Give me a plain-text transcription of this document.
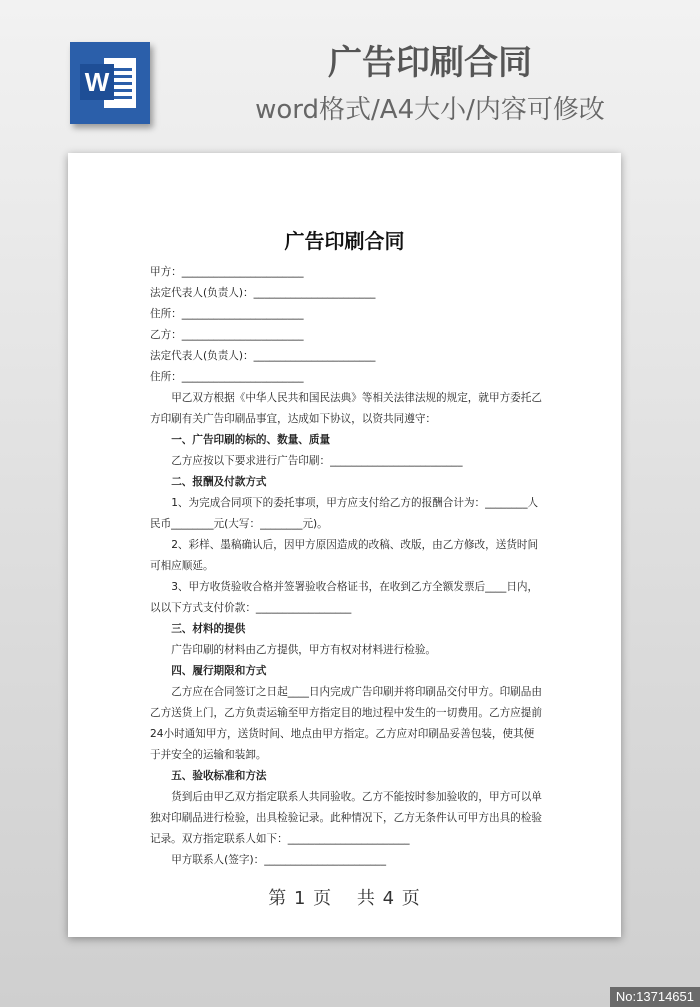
W	广告印刷合同
word格式/A4大小/内容可修改
广告印刷合同

甲方：_______________________

法定代表人(负责人)：_______________________

住所：_______________________

乙方：_______________________

法定代表人(负责人)：_______________________

住所：_______________________

甲乙双方根据《中华人民共和国民法典》等相关法律法规的规定，就甲方委托乙方印刷有关广告印刷品事宜，达成如下协议，以资共同遵守：

一、广告印刷的标的、数量、质量

乙方应按以下要求进行广告印刷：_________________________

二、报酬及付款方式

1、为完成合同项下的委托事项，甲方应支付给乙方的报酬合计为：________人民币________元(大写：________元)。

2、彩样、墨稿确认后，因甲方原因造成的改稿、改版，由乙方修改，送货时间可相应顺延。

3、甲方收货验收合格并签署验收合格证书，在收到乙方全额发票后____日内，以以下方式支付价款：__________________

三、材料的提供

广告印刷的材料由乙方提供，甲方有权对材料进行检验。

四、履行期限和方式

乙方应在合同签订之日起____日内完成广告印刷并将印刷品交付甲方。印刷品由乙方送货上门，乙方负责运输至甲方指定目的地过程中发生的一切费用。乙方应提前24小时通知甲方，送货时间、地点由甲方指定。乙方应对印刷品妥善包装，使其便于并安全的运输和装卸。

五、验收标准和方法

货到后由甲乙双方指定联系人共同验收。乙方不能按时参加验收的，甲方可以单独对印刷品进行检验，出具检验记录。此种情况下，乙方无条件认可甲方出具的检验记录。双方指定联系人如下：_______________________

甲方联系人(签字)：_______________________

第 1 页 共 4 页
No:13714651
